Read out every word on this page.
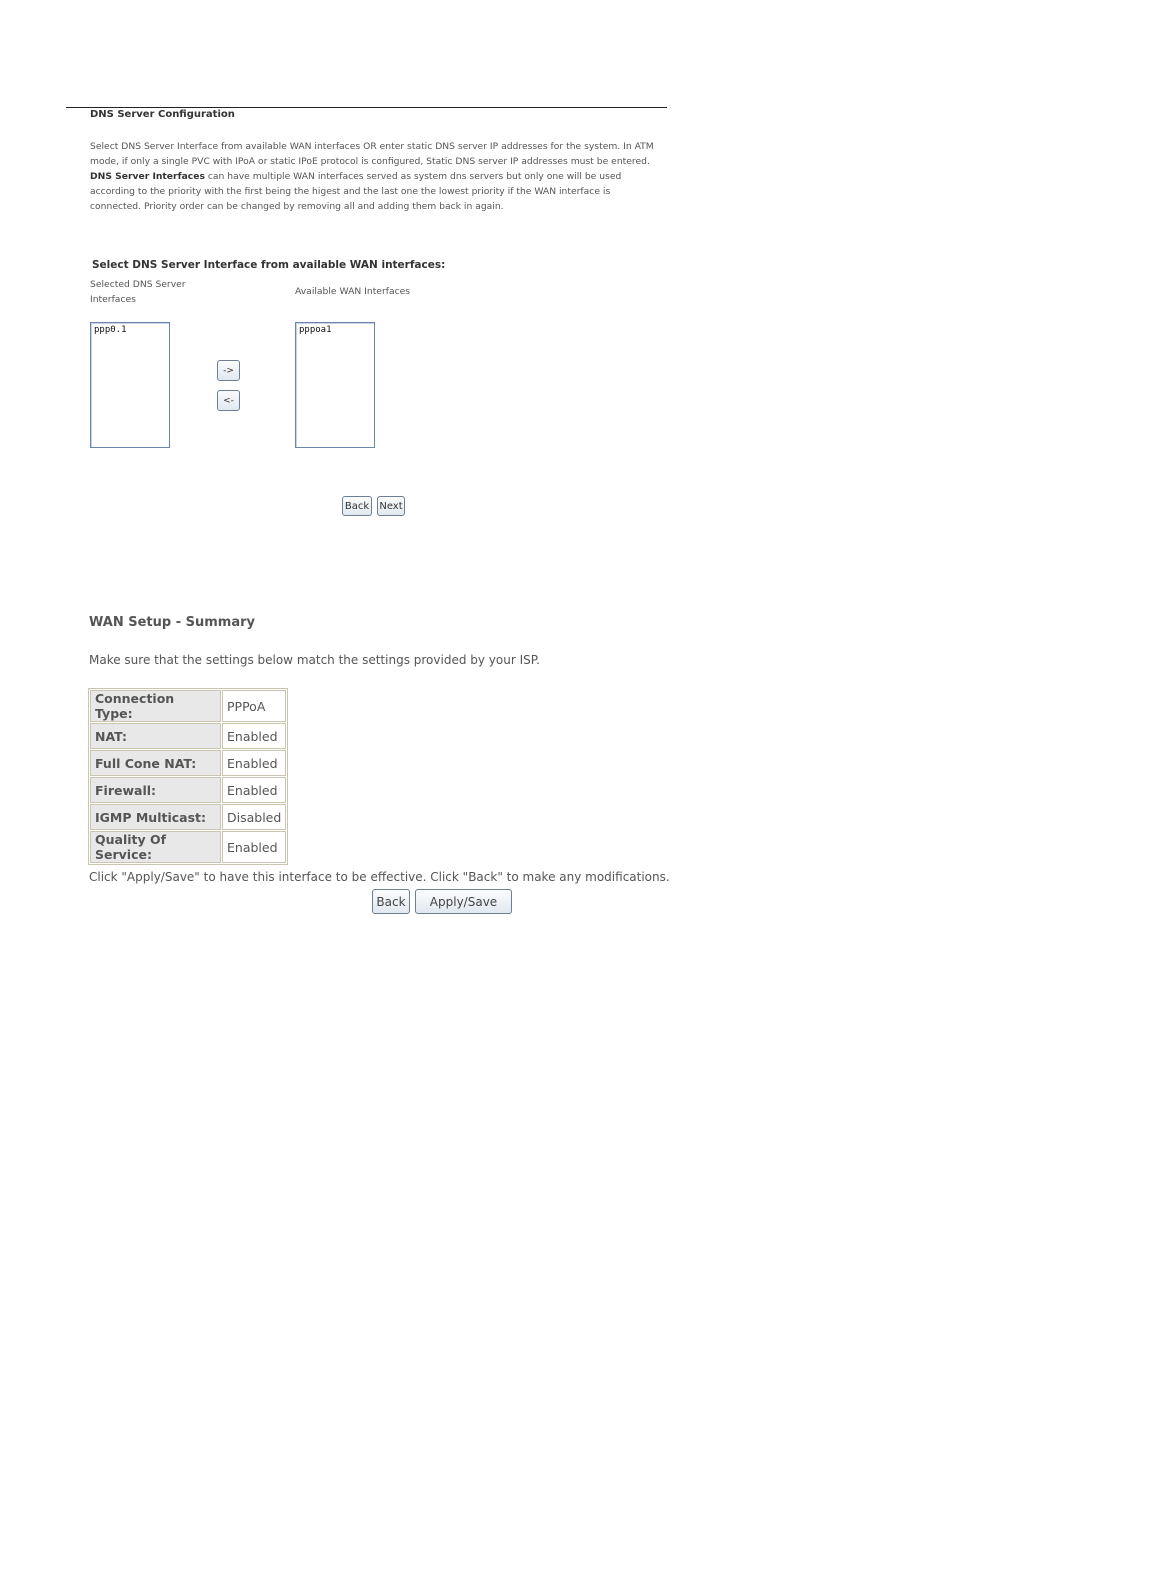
DNS Server Configuration

Select DNS Server Interface from available WAN interfaces OR enter static DNS server IP addresses for the system. In ATM mode, if only a single PVC with IPoA or static IPoE protocol is configured, Static DNS server IP addresses must be entered.

DNS Server Interfaces can have multiple WAN interfaces served as system dns servers but only one will be used according to the priority with the first being the higest and the last one the lowest priority if the WAN interface is connected. Priority order can be changed by removing all and adding them back in again.

Select DNS Server Interface from available WAN interfaces:
Selected DNS Server Interfaces
Available WAN Interfaces
ppp0.1
->
<-
pppoa1
Back Next
WAN Setup - Summary
Make sure that the settings below match the settings provided by your ISP.
Connection Type:	PPPoA
NAT:	Enabled
Full Cone NAT:	Enabled
Firewall:	Enabled
IGMP Multicast:	Disabled
Quality Of Service:	Enabled
Click "Apply/Save" to have this interface to be effective. Click "Back" to make any modifications.
Back	Apply/Save
